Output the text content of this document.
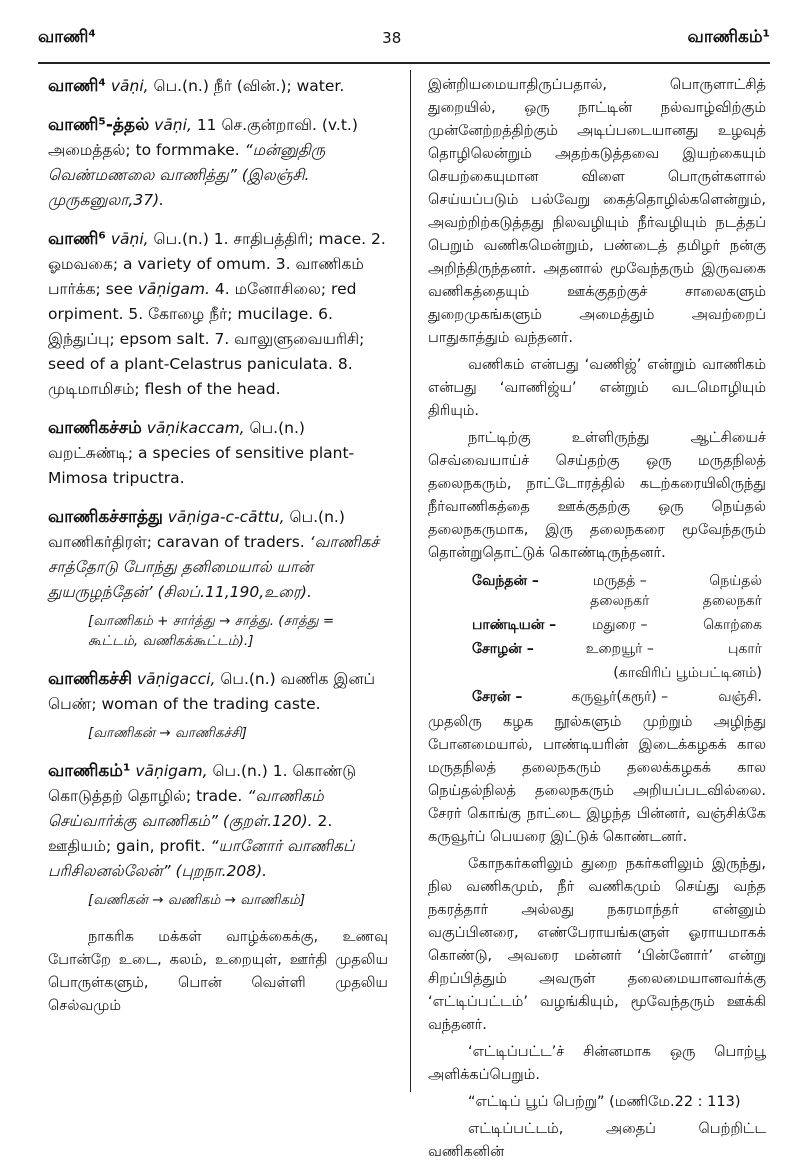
வாணி⁴	38	வாணிகம்¹
வாணி⁴ vāṇi, பெ.(n.) நீர் (வின்.); water.
வாணி⁵-த்தல் vāṇi, 11 செ.குன்றாவி. (v.t.) அமைத்தல்; to formmake. “மன்னுதிரு வெண்மணலை வாணித்து” (இலஞ்சி. முருகனுலா,37).
வாணி⁶ vāṇi, பெ.(n.) 1. சாதிபத்திரி; mace. 2. ஓமவகை; a variety of omum. 3. வாணிகம் பார்க்க; see vāṇigam. 4. மனோசிலை; red orpiment. 5. கோழை நீர்; mucilage. 6. இந்துப்பு; epsom salt. 7. வாலுளுவையரிசி; seed of a plant-Celastrus paniculata. 8. முடிமாமிசம்; flesh of the head.
வாணிகச்சம் vāṇikaccam, பெ.(n.) வறட்சுண்டி; a species of sensitive plant-Mimosa tripuctra.
வாணிகச்சாத்து vāṇiga-c-cāttu, பெ.(n.) வாணிகர்திரள்; caravan of traders. ‘வாணிகச் சாத்தோடு போந்து தனிமையால் யான் துயருழந்தேன்’ (சிலப்.11,190,உரை).
[வாணிகம் + சார்த்து → சாத்து. (சாத்து = கூட்டம், வணிகக்கூட்டம்).]
வாணிகச்சி vāṇigacci, பெ.(n.) வணிக இனப் பெண்; woman of the trading caste.
[வாணிகன் → வாணிகச்சி]
வாணிகம்¹ vāṇigam, பெ.(n.) 1. கொண்டு கொடுத்தற் தொழில்; trade. “வாணிகம் செய்வார்க்கு வாணிகம்” (குறள்.120). 2. ஊதியம்; gain, profit. “யானோர் வாணிகப் பரிசிலனல்லேன்” (புறநா.208).
[வணிகன் → வணிகம் → வாணிகம்]

நாகரிக மக்கள் வாழ்க்கைக்கு, உணவு போன்றே உடை, கலம், உறையுள், ஊர்தி முதலிய பொருள்களும், பொன் வெள்ளி முதலிய செல்வமும்

இன்றியமையாதிருப்பதால், பொருளாட்சித் துறையில், ஒரு நாட்டின் நல்வாழ்விற்கும் முன்னேற்றத்திற்கும் அடிப்படையானது உழவுத் தொழிலென்றும் அதற்கடுத்தவை இயற்கையும் செயற்கையுமான விளை பொருள்களால் செய்யப்படும் பல்வேறு கைத்தொழில்களென்றும், அவற்றிற்கடுத்தது நிலவழியும் நீர்வழியும் நடத்தப் பெறும் வணிகமென்றும், பண்டைத் தமிழர் நன்கு அறிந்திருந்தனர். அதனால் மூவேந்தரும் இருவகை வணிகத்தையும் ஊக்குதற்குச் சாலைகளும் துறைமுகங்களும் அமைத்தும் அவற்றைப் பாதுகாத்தும் வந்தனர்.

வணிகம் என்பது ‘வணிஜ்’ என்றும் வாணிகம் என்பது ‘வாணிஜ்ய’ என்றும் வடமொழியும் திரியும்.

நாட்டிற்கு உள்ளிருந்து ஆட்சியைச் செவ்வையாய்ச் செய்தற்கு ஒரு மருதநிலத் தலைநகரும், நாட்டோரத்தில் கடற்கரையிலிருந்து நீர்வாணிகத்தை ஊக்குதற்கு ஒரு நெய்தல் தலைநகருமாக, இரு தலைநகரை மூவேந்தரும் தொன்றுதொட்டுக் கொண்டிருந்தனர்.

வேந்தன் –	மருதத் – தலைநகர்	நெய்தல் தலைநகர்
பாண்டியன் –	மதுரை –	கொற்கை
சோழன் –	உறையூர் –	புகார்
	(காவிரிப் பூம்பட்டினம்)	
சேரன் –	கருவூர்(கரூர்) –	வஞ்சி.

முதலிரு கழக நூல்களும் முற்றும் அழிந்து போனமையால், பாண்டியரின் இடைக்கழகக் கால மருதநிலத் தலைநகரும் தலைக்கழகக் கால நெய்தல்நிலத் தலைநகரும் அறியப்படவில்லை. சேரர் கொங்கு நாட்டை இழந்த பின்னர், வஞ்சிக்கே கருவூர்ப் பெயரை இட்டுக் கொண்டனர்.

கோநகர்களிலும் துறை நகர்களிலும் இருந்து, நில வணிகமும், நீர் வணிகமும் செய்து வந்த நகரத்தார் அல்லது நகரமாந்தர் என்னும் வகுப்பினரை, எண்பேராயங்களுள் ஓராயமாகக் கொண்டு, அவரை மன்னர் ‘பின்னோர்’ என்று சிறப்பித்தும் அவருள் தலைமையானவர்க்கு ‘எட்டிப்பட்டம்’ வழங்கியும், மூவேந்தரும் ஊக்கி வந்தனர்.

‘எட்டிப்பட்ட’ச் சின்னமாக ஒரு பொற்பூ அளிக்கப்பெறும்.

“எட்டிப் பூப் பெற்று” (மணிமே.22 : 113)

எட்டிப்பட்டம், அதைப் பெற்றிட்ட வணிகனின்
